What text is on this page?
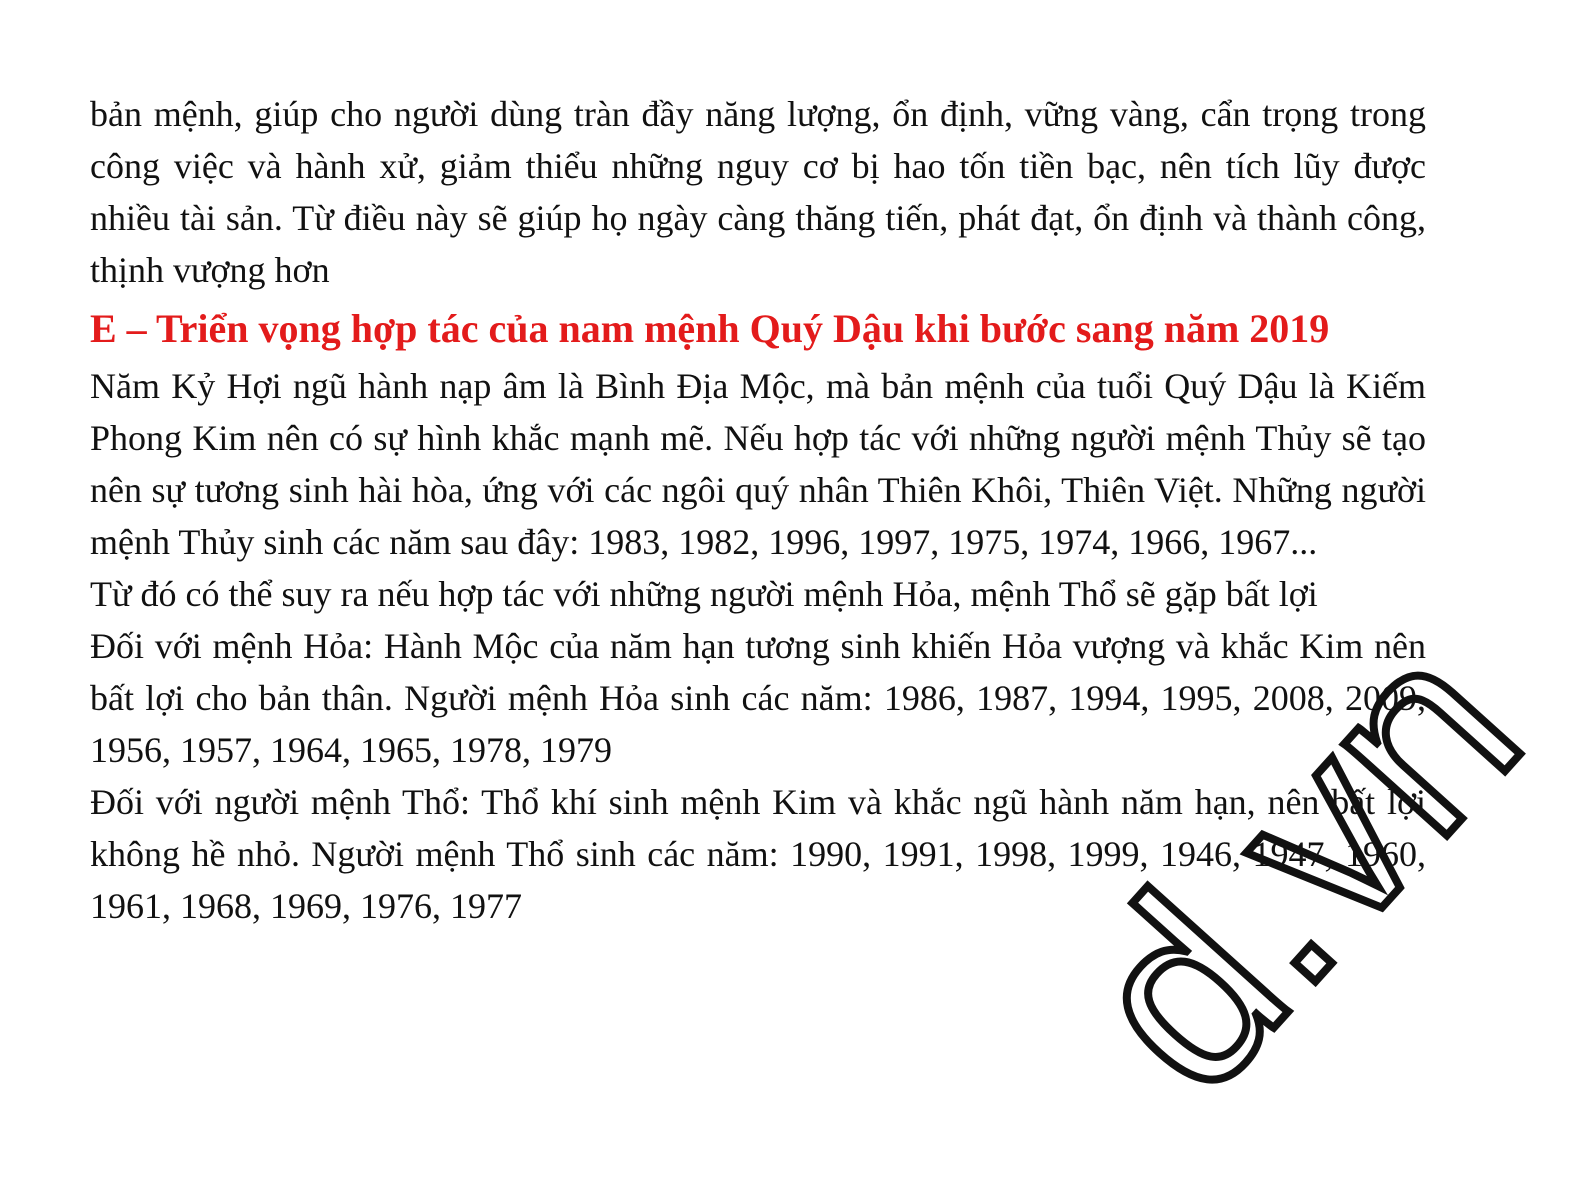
bản mệnh, giúp cho người dùng tràn đầy năng lượng, ổn định, vững vàng, cẩn trọng trong công việc và hành xử, giảm thiểu những nguy cơ bị hao tốn tiền bạc, nên tích lũy được nhiều tài sản. Từ điều này sẽ giúp họ ngày càng thăng tiến, phát đạt, ổn định và thành công, thịnh vượng hơn

E – Triển vọng hợp tác của nam mệnh Quý Dậu khi bước sang năm 2019

Năm Kỷ Hợi ngũ hành nạp âm là Bình Địa Mộc, mà bản mệnh của tuổi Quý Dậu là Kiếm Phong Kim nên có sự hình khắc mạnh mẽ. Nếu hợp tác với những người mệnh Thủy sẽ tạo nên sự tương sinh hài hòa, ứng với các ngôi quý nhân Thiên Khôi, Thiên Việt. Những người mệnh Thủy sinh các năm sau đây: 1983, 1982, 1996, 1997, 1975, 1974, 1966, 1967...

Từ đó có thể suy ra nếu hợp tác với những người mệnh Hỏa, mệnh Thổ sẽ gặp bất lợi

Đối với mệnh Hỏa: Hành Mộc của năm hạn tương sinh khiến Hỏa vượng và khắc Kim nên bất lợi cho bản thân. Người mệnh Hỏa sinh các năm: 1986, 1987, 1994, 1995, 2008, 2009, 1956, 1957, 1964, 1965, 1978, 1979

Đối với người mệnh Thổ: Thổ khí sinh mệnh Kim và khắc ngũ hành năm hạn, nên bất lợi không hề nhỏ. Người mệnh Thổ sinh các năm: 1990, 1991, 1998, 1999, 1946, 1947, 1960, 1961, 1968, 1969, 1976, 1977	d.vn
